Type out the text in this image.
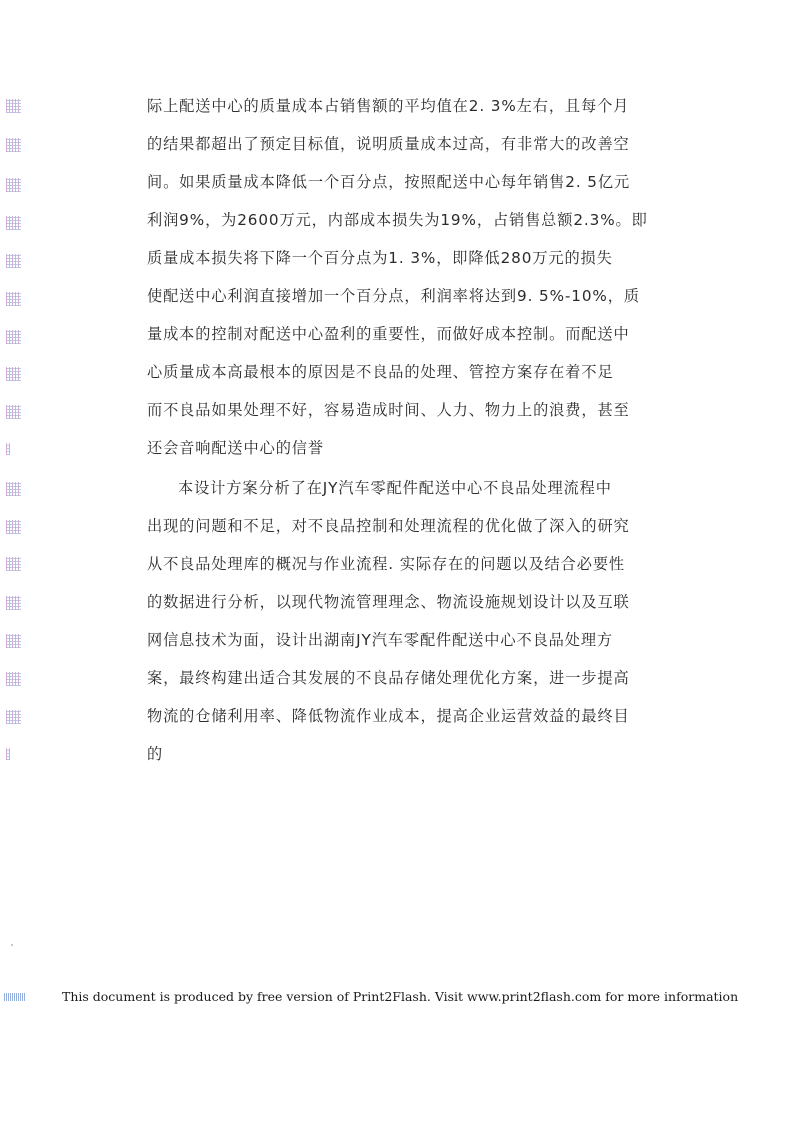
际上配送中心的质量成本占销售额的平均值在2. 3%左右，且每个月
的结果都超出了预定目标值，说明质量成本过高，有非常大的改善空
间。如果质量成本降低一个百分点，按照配送中心每年销售2. 5亿元
利润9%，为2600万元，内部成本损失为19%，占销售总额2.3%。即
质量成本损失将下降一个百分点为1. 3%，即降低280万元的损失
使配送中心利润直接增加一个百分点，利润率将达到9. 5%-10%，质
量成本的控制对配送中心盈利的重要性，而做好成本控制。而配送中
心质量成本高最根本的原因是不良品的处理、管控方案存在着不足
而不良品如果处理不好，容易造成时间、人力、物力上的浪费，甚至
还会音响配送中心的信誉
本设计方案分析了在JY汽车零配件配送中心不良品处理流程中
出现的问题和不足，对不良品控制和处理流程的优化做了深入的研究
从不良品处理库的概况与作业流程. 实际存在的问题以及结合必要性
的数据进行分析，以现代物流管理理念、物流设施规划设计以及互联
网信息技术为面，设计出湖南JY汽车零配件配送中心不良品处理方
案，最终构建出适合其发展的不良品存储处理优化方案，进一步提高
物流的仓储利用率、降低物流作业成本，提高企业运营效益的最终目
的
This document is produced by free version of Print2Flash. Visit www.print2flash.com for more information
